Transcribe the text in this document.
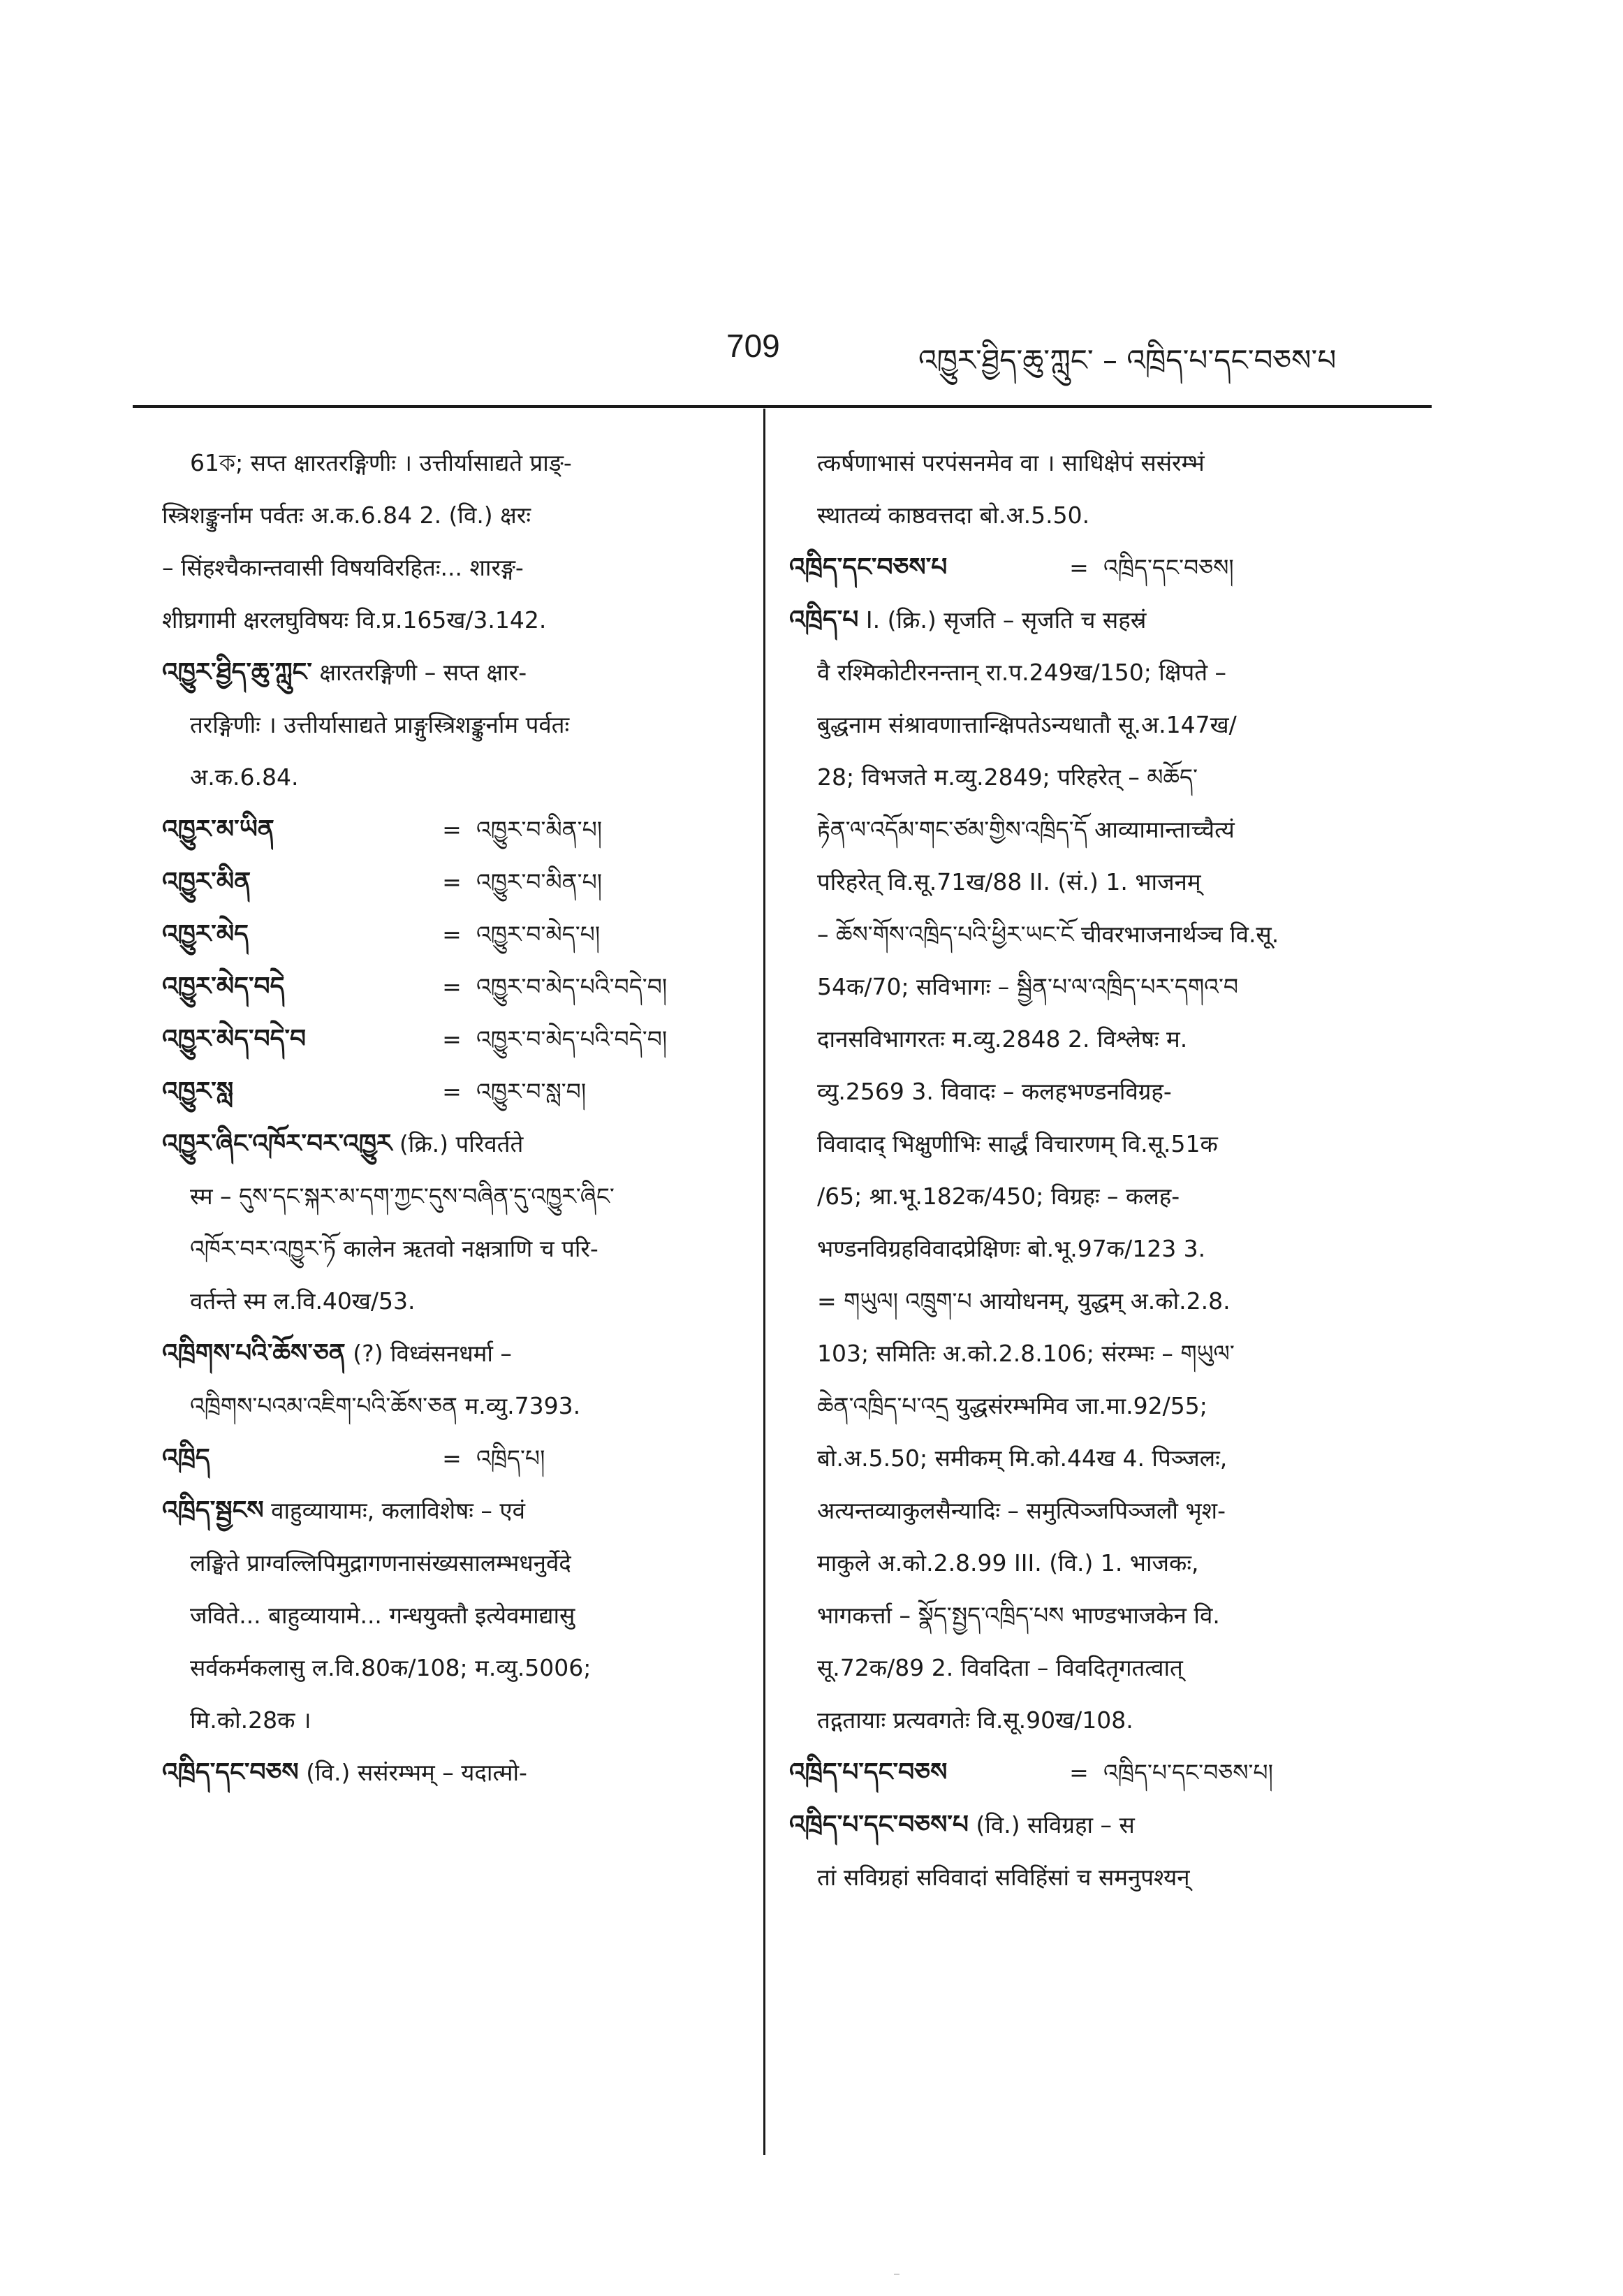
709	འཁྱུར་ཐྱིད་ཆུ་ཀླུང་ – འཁྲིད་པ་དང་བཅས་པ
61ক; सप्त क्षारतरङ्गिणीः । उत्तीर्यासाद्यते प्राङ्-
स्त्रिशङ्कुर्नाम पर्वतः अ.क.6.84 2. (वि.) क्षरः
– सिंहश्चैकान्तवासी विषयविरहितः... शारङ्ग-
शीघ्रगामी क्षरलघुविषयः वि.प्र.165ख/3.142.
འཁྱུར་ཐྱིད་ཆུ་ཀླུང་ क्षारतरङ्गिणी – सप्त क्षार-
तरङ्गिणीः । उत्तीर्यासाद्यते प्राङ्गुस्त्रिशङ्कुर्नाम पर्वतः
अ.क.6.84.
འཁྱུར་མ་ཡིན	= འཁྱུར་བ་མིན་པ།
འཁྱུར་མིན	= འཁྱུར་བ་མིན་པ།
འཁྱུར་མེད	= འཁྱུར་བ་མེད་པ།
འཁྱུར་མེད་བདེ	= འཁྱུར་བ་མེད་པའི་བདེ་བ།
འཁྱུར་མེད་བདེ་བ	= འཁྱུར་བ་མེད་པའི་བདེ་བ།
འཁྱུར་སླ	= འཁྱུར་བ་སླ་བ།
འཁྱུར་ཞིང་འཁོར་བར་འཁྱུར (क्रि.) परिवर्तते
स्म – དུས་དང་སྐར་མ་དག་ཀྱང་དུས་བཞིན་དུ་འཁྱུར་ཞིང་
འཁོར་བར་འཁྱུར་ཏོ कालेन ऋतवो नक्षत्राणि च परि-
वर्तन्ते स्म ल.वि.40ख/53.
འཁྲིགས་པའི་ཆོས་ཅན (?) विध्वंसनधर्मा –
འཁྲིགས་པའམ་འཇིག་པའི་ཆོས་ཅན म.व्यु.7393.
འཁྲིད	= འཁྲིད་པ།
འཁྲིད་སྦྱངས वाहुव्यायामः, कलाविशेषः – एवं
लङ्घिते प्राग्वल्लिपिमुद्रागणनासंख्यसालम्भधनुर्वेदे
जविते... बाहुव्यायामे... गन्धयुक्तौ इत्येवमाद्यासु
सर्वकर्मकलासु ल.वि.80क/108; म.व्यु.5006;
मि.को.28क ।
འཁྲིད་དང་བཅས (वि.) ससंरम्भम् – यदात्मो-
त्कर्षणाभासं परपंसनमेव वा । साधिक्षेपं ससंरम्भं
स्थातव्यं काष्ठवत्तदा बो.अ.5.50.
འཁྲིད་དང་བཅས་པ	= འཁྲིད་དང་བཅས།
འཁྲིད་པ I. (क्रि.) सृजति – सृजति च सहस्रं
वै रश्मिकोटीरनन्तान् रा.प.249ख/150; क्षिपते –
बुद्धनाम संश्रावणात्तान्क्षिपतेऽन्यधातौ सू.अ.147ख/
28; विभजते म.व्यु.2849; परिहरेत् – མཆོད་
རྟེན་ལ་འདོམ་གང་ཙམ་གྱིས་འཁྲིད་དོ आव्यामान्ताच्चैत्यं
परिहरेत् वि.सू.71ख/88 II. (सं.) 1. भाजनम्
– ཆོས་གོས་འཁྲིད་པའི་ཕྱིར་ཡང་ངོ चीवरभाजनार्थञ्च वि.सू.
54क/70; सविभागः – སྦྱིན་པ་ལ་འཁྲིད་པར་དགའ་བ
दानसविभागरतः म.व्यु.2848 2. विश्लेषः म.
व्यु.2569 3. विवादः – कलहभण्डनविग्रह-
विवादाद् भिक्षुणीभिः सार्द्धं विचारणम् वि.सू.51क
/65; श्रा.भू.182क/450; विग्रहः – कलह-
भण्डनविग्रहविवादप्रेक्षिणः बो.भू.97क/123 3.
= གཡུལ། འཁྲུག་པ आयोधनम्, युद्धम् अ.को.2.8.
103; समितिः अ.को.2.8.106; संरम्भः – གཡུལ་
ཆེན་འཁྲིད་པ་འདྲ युद्धसंरम्भमिव जा.मा.92/55;
बो.अ.5.50; समीकम् मि.को.44ख 4. पिञ्जलः,
अत्यन्तव्याकुलसैन्यादिः – समुत्पिञ्जपिञ्जलौ भृश-
माकुले अ.को.2.8.99 III. (वि.) 1. भाजकः,
भागकर्त्ता – སྣོད་སྤྱད་འཁྲིད་པས भाण्डभाजकेन वि.
सू.72क/89 2. विवदिता – विवदितृगतत्वात्
तद्गतायाः प्रत्यवगतेः वि.सू.90ख/108.
འཁྲིད་པ་དང་བཅས	= འཁྲིད་པ་དང་བཅས་པ།
འཁྲིད་པ་དང་བཅས་པ (वि.) सविग्रहा – स
तां सविग्रहां सविवादां सविहिंसां च समनुपश्यन्
